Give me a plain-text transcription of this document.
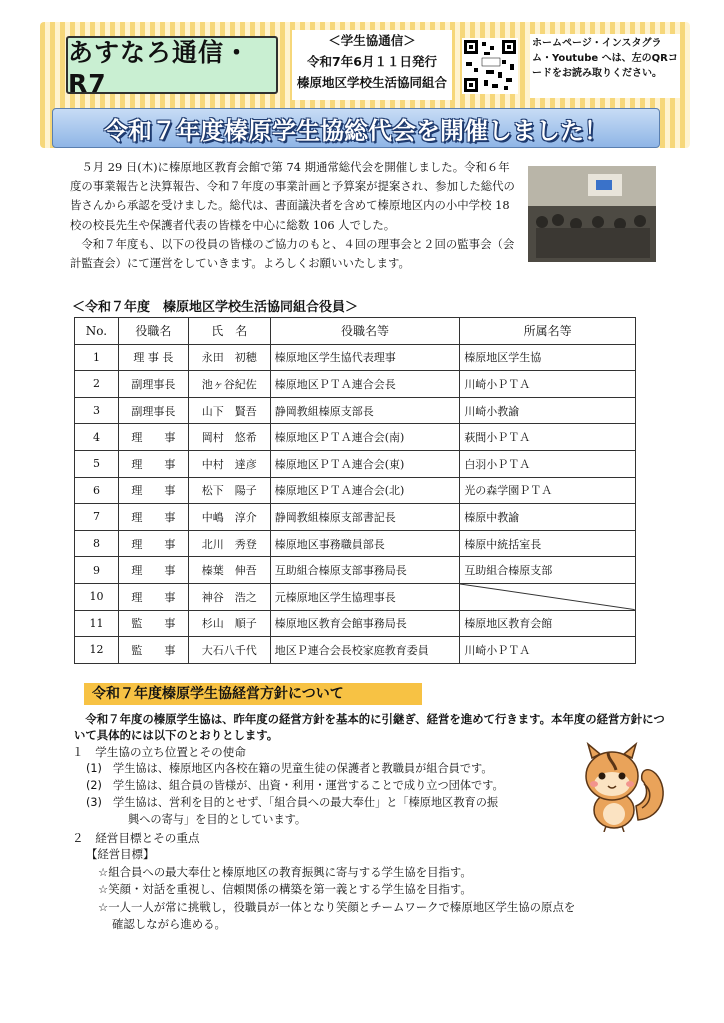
あすなろ通信・R7
＜学生協通信＞
令和7年6月１１日発行
榛原地区学校生活協同組合
ホームページ・インスタグラム・Youtube へは、左のQRコードをお読み取りください。
令和７年度榛原学生協総代会を開催しました！

５月 29 日(木)に榛原地区教育会館で第 74 期通常総代会を開催しました。令和６年度の事業報告と決算報告、令和７年度の事業計画と予算案が提案され、参加した総代の皆さんから承認を受けました。総代は、書面議決者を含めて榛原地区内の小中学校 18 校の校長先生や保護者代表の皆様を中心に総数 106 人でした。

令和７年度も、以下の役員の皆様のご協力のもと、４回の理事会と２回の監事会（会計監査会）にて運営をしていきます。よろしくお願いいたします。

＜令和７年度　榛原地区学校生活協同組合役員＞
No.	役職名	氏　名	役職名等	所属名等
1	理 事 長	永田　初穂	榛原地区学生協代表理事	榛原地区学生協
2	副理事長	池ヶ谷紀佐	榛原地区ＰＴＡ連合会長	川崎小ＰＴＡ
3	副理事長	山下　賢吾	静岡教組榛原支部長	川崎小教諭
4	理　　事	岡村　悠希	榛原地区ＰＴＡ連合会(南)	萩間小ＰＴＡ
5	理　　事	中村　達彦	榛原地区ＰＴＡ連合会(東)	白羽小ＰＴＡ
6	理　　事	松下　陽子	榛原地区ＰＴＡ連合会(北)	光の森学園ＰＴＡ
7	理　　事	中嶋　淳介	静岡教組榛原支部書記長	榛原中教諭
8	理　　事	北川　秀登	榛原地区事務職員部長	榛原中統括室長
9	理　　事	榛葉　伸吾	互助組合榛原支部事務局長	互助組合榛原支部
10	理　　事	神谷　浩之	元榛原地区学生協理事長	

11	監　　事	杉山　順子	榛原地区教育会館事務局長	榛原地区教育会館
12	監　　事	大石八千代	地区Ｐ連合会長校家庭教育委員	川崎小ＰＴＡ
令和７年度榛原学生協経営方針について
令和７年度の榛原学生協は、昨年度の経営方針を基本的に引継ぎ、経営を進めて行きます。本年度の経営方針について具体的には以下のとおりとします。
１　学生協の立ち位置とその使命
(1)　学生協は、榛原地区内各校在籍の児童生徒の保護者と教職員が組合員です。
(2)　学生協は、組合員の皆様が、出資・利用・運営することで成り立つ団体です。
(3)　学生協は、営利を目的とせず、「組合員への最大奉仕」と「榛原地区教育の振
興への寄与」を目的としています。
２　経営目標とその重点
【経営目標】
☆組合員への最大奉仕と榛原地区の教育振興に寄与する学生協を目指す。
☆笑顔・対話を重視し、信頼関係の構築を第一義とする学生協を目指す。
☆一人一人が常に挑戦し，役職員が一体となり笑顔とチームワークで榛原地区学生協の原点を
確認しながら進める。
